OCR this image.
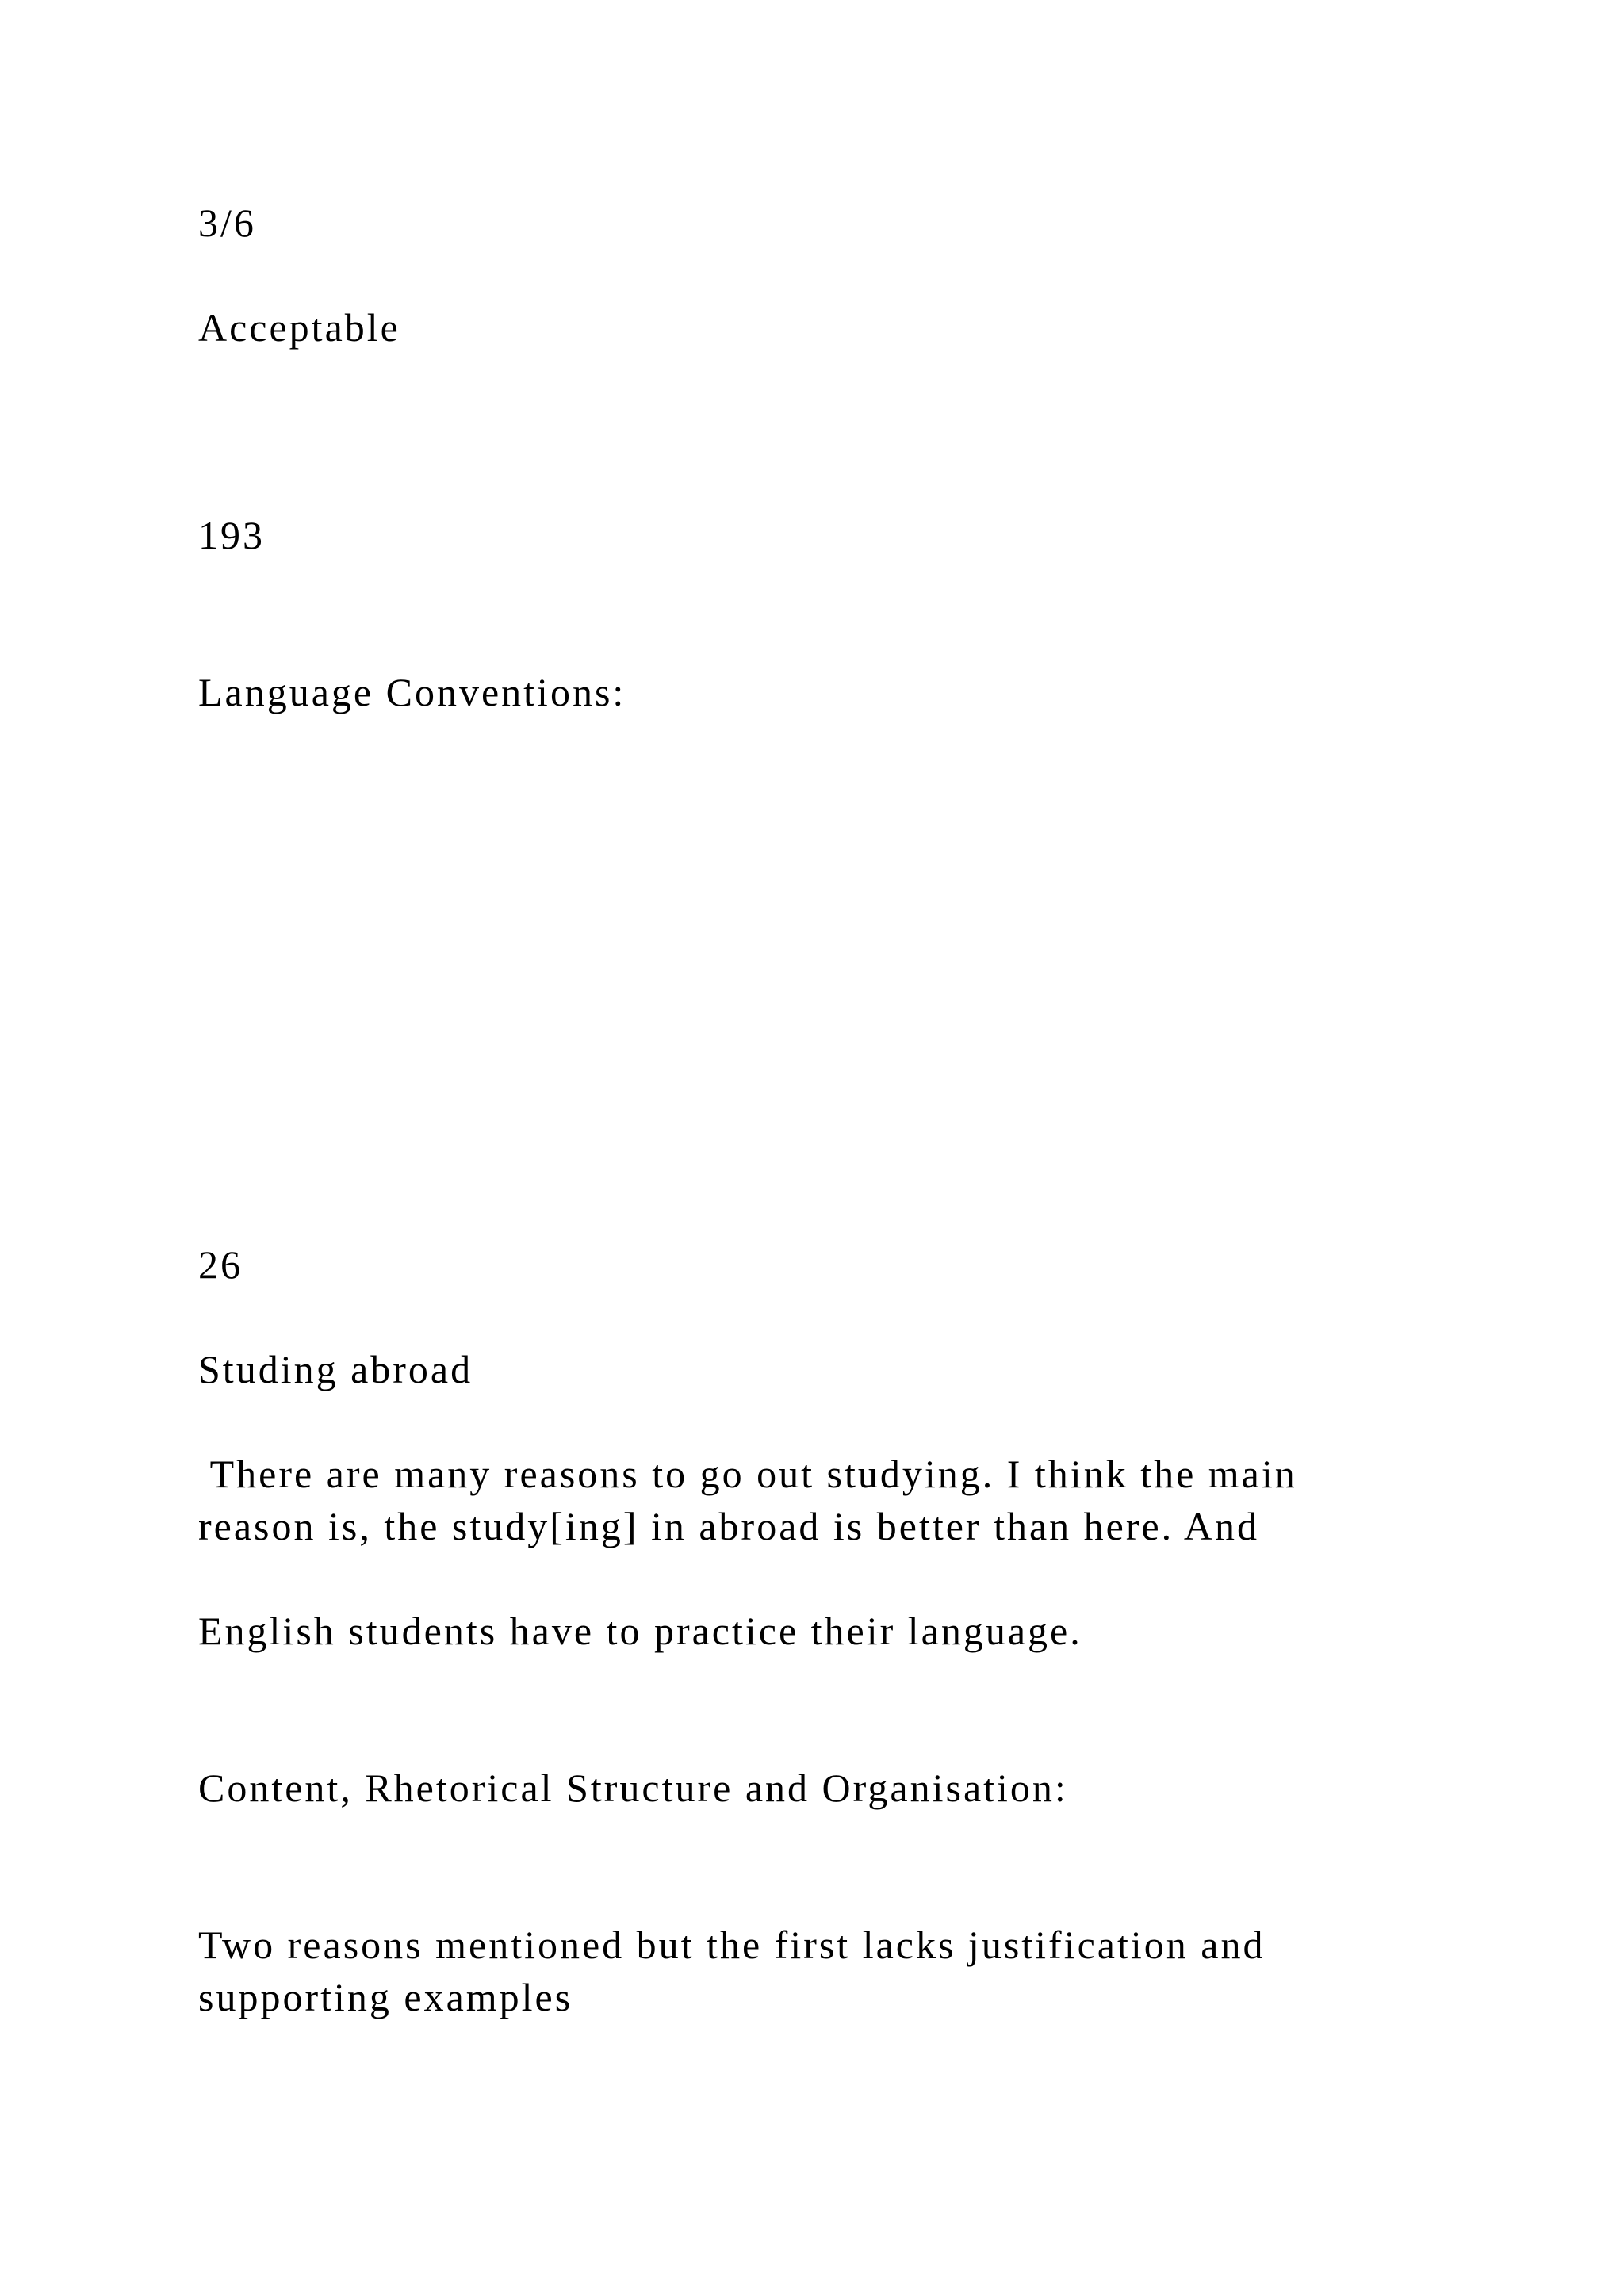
3/6

Acceptable

193

Language Conventions:

26

Studing abroad

There are many reasons to go out studying. I think the main
reason is, the study[ing] in abroad is better than here. And

English students have to practice their language.

Content, Rhetorical Structure and Organisation:

Two reasons mentioned but the first lacks justification and
supporting examples
